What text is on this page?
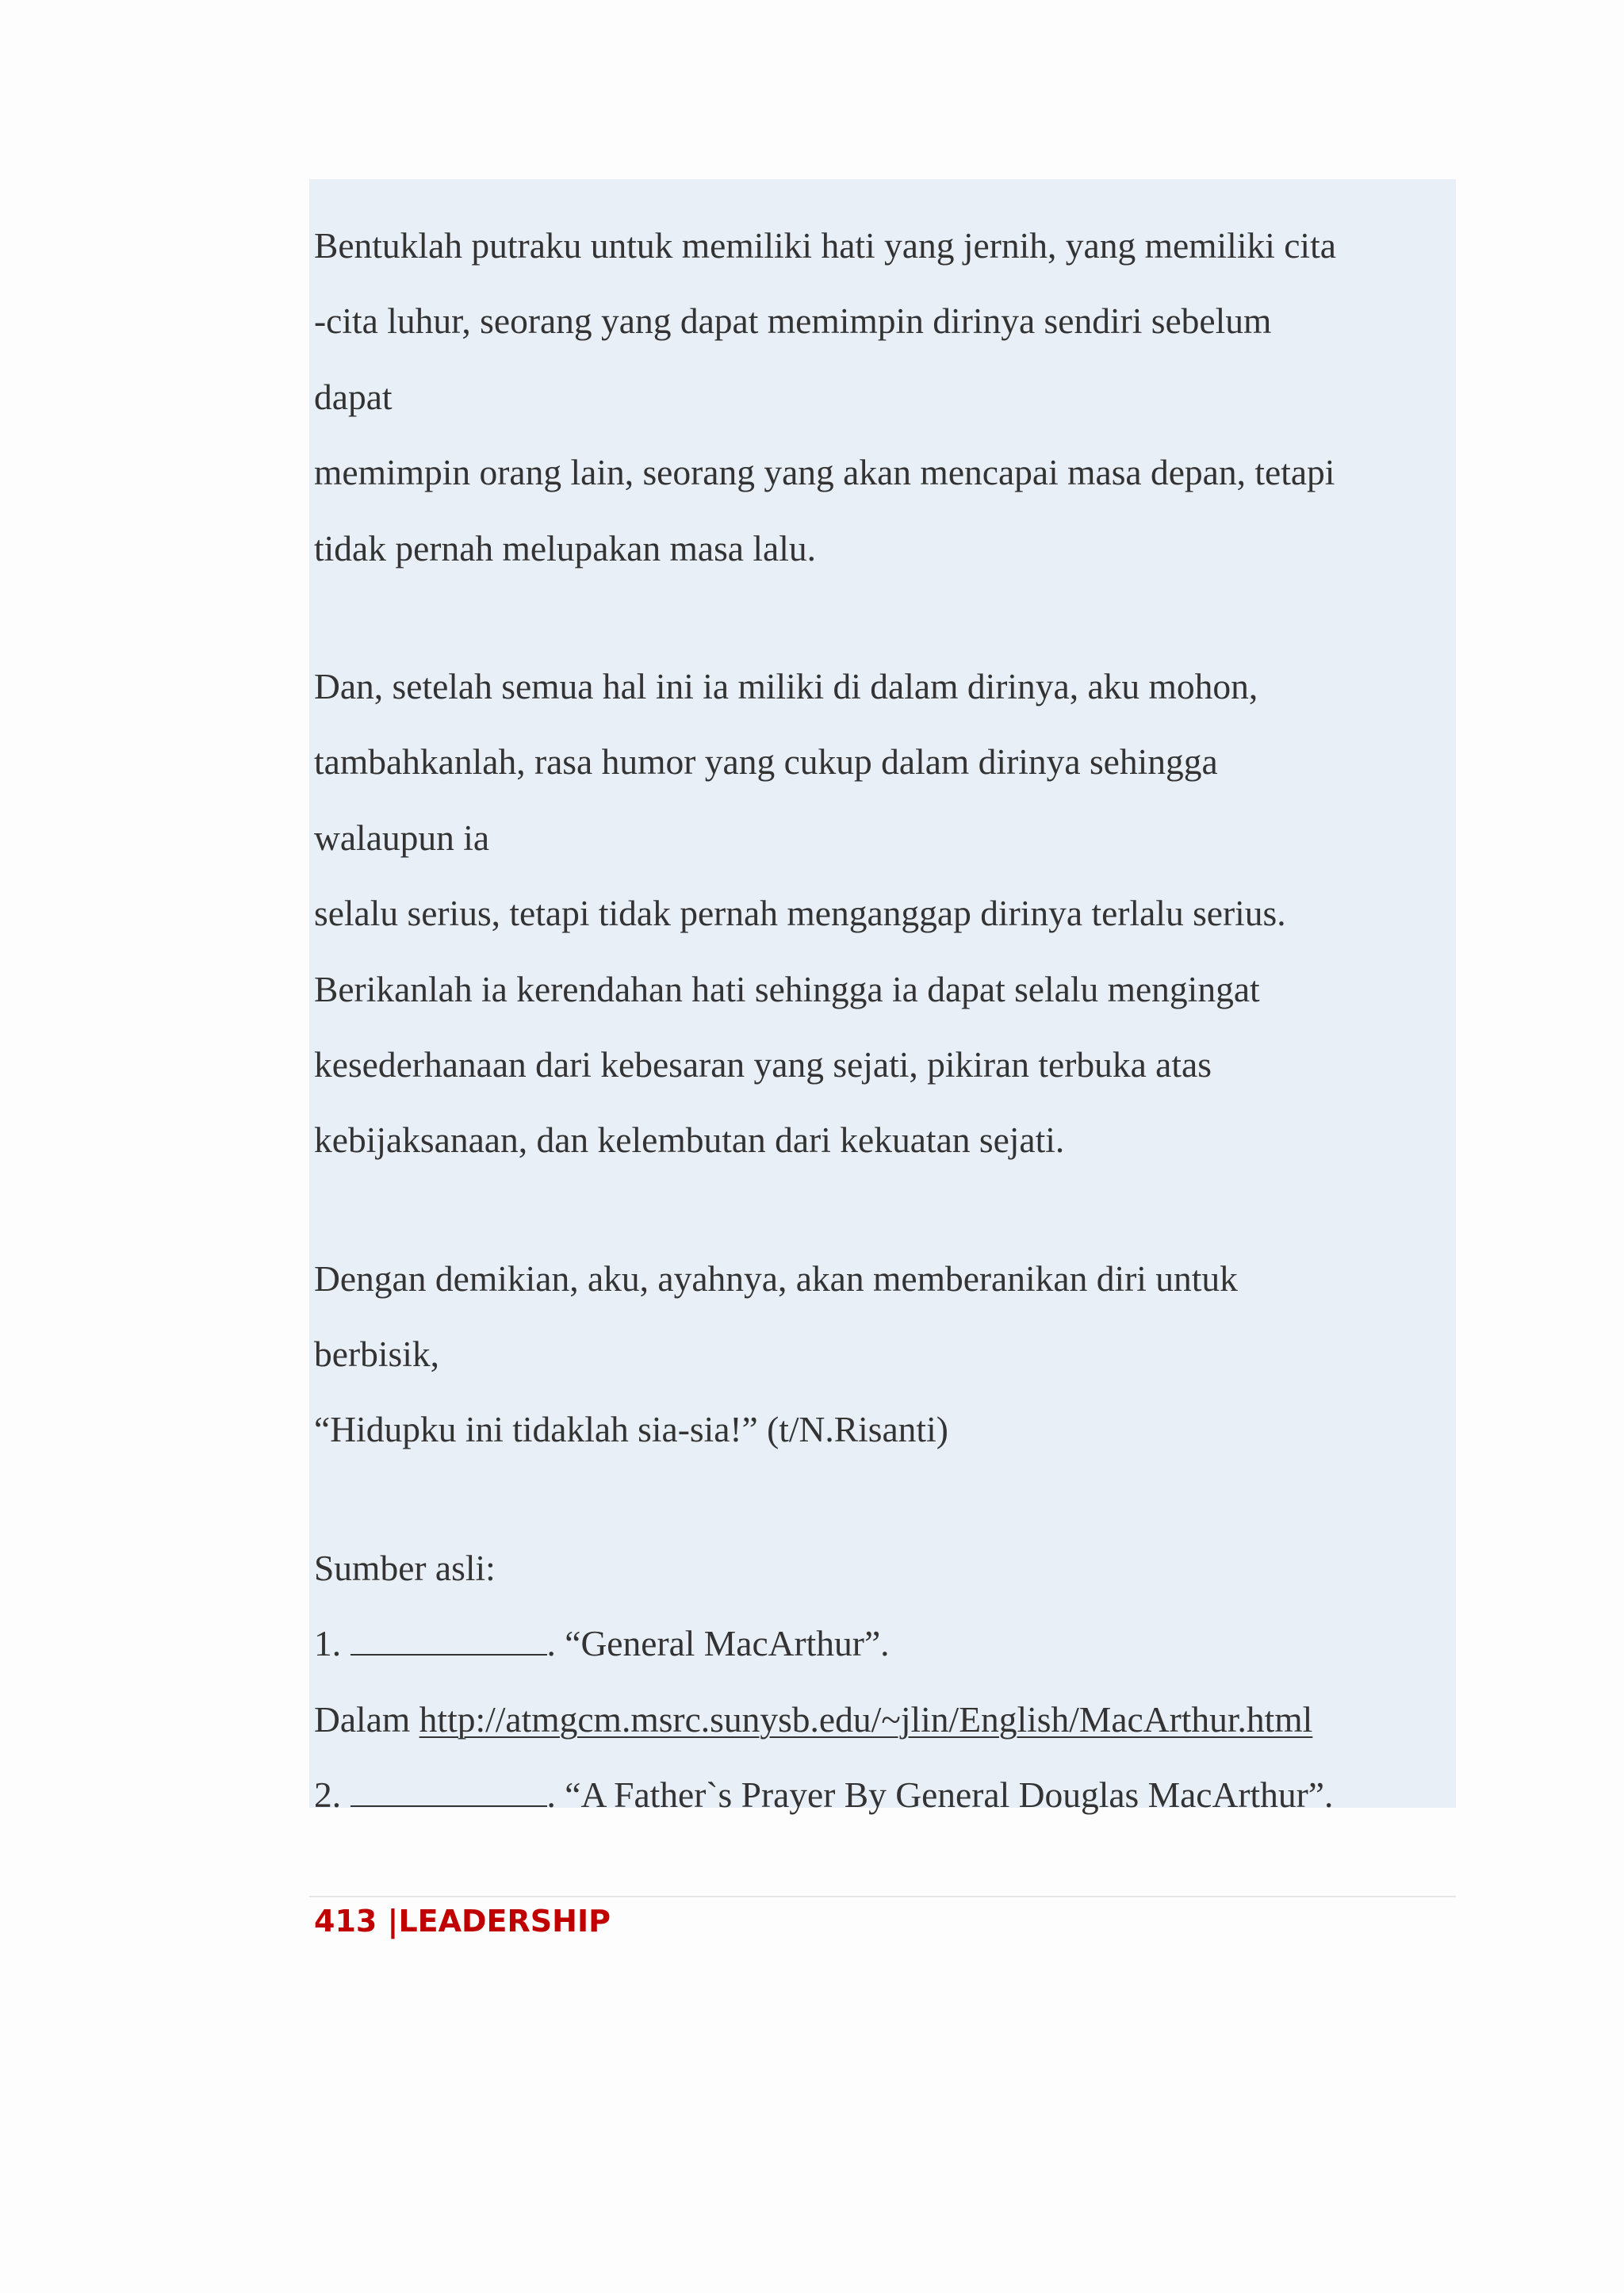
Bentuklah putraku untuk memiliki hati yang jernih, yang memiliki cita
-cita luhur, seorang yang dapat memimpin dirinya sendiri sebelum
dapat
memimpin orang lain, seorang yang akan mencapai masa depan, tetapi
tidak pernah melupakan masa lalu.
Dan, setelah semua hal ini ia miliki di dalam dirinya, aku mohon,
tambahkanlah, rasa humor yang cukup dalam dirinya sehingga
walaupun ia
selalu serius, tetapi tidak pernah menganggap dirinya terlalu serius.
Berikanlah ia kerendahan hati sehingga ia dapat selalu mengingat
kesederhanaan dari kebesaran yang sejati, pikiran terbuka atas
kebijaksanaan, dan kelembutan dari kekuatan sejati.
Dengan demikian, aku, ayahnya, akan memberanikan diri untuk
berbisik,
“Hidupku ini tidaklah sia-sia!” (t/N.Risanti)
Sumber asli:
1.	. “General MacArthur”.
Dalam http://atmgcm.msrc.sunysb.edu/~jlin/English/MacArthur.html
2.	. “A Father`s Prayer By General Douglas MacArthur”.
413 |LEADERSHIP
